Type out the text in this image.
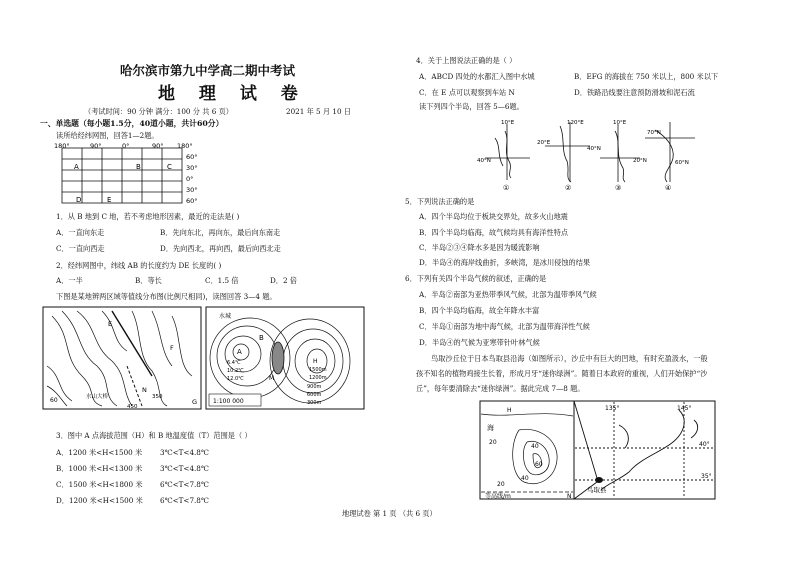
哈尔滨市第九中学高二期中考试
地 理 试 卷
（考试时间：90 分钟 满分：100 分 共 6 页）	2021 年 5 月 10 日
一、单选题（每小题1.5分，40道小题，共计60分）
读所给经纬网图，回答1—2题。
180°	90°	0°	90° 180°
60°
30°
0°
30°
60°
A	B	C
D	E
1．从 B 地到 C 地，若不考虑地形因素，最近的走法是( )
A．一直向东走	B．先向东北，再向东，最后向东南走
C．一直向西走	D．先向西北，再向西，最后向西北走
2．经纬网图中，纬线 AB 的长度约为 DE 长度的( )
A．一半	B．等长	C．1.5 倍	D．2 倍
下图是某地辨两区域等值线分布图(比例尺相同)，读图回答 3—4 题。
60	水山大桥
450
350
G
F
E
N
水城
A
B
M
H
6.4℃
10.2℃
12.0℃
1500m
1200m
900m
600m
300m
1:100 000
3．图中 A 点海拔范围（H）和 B 地温度值（T）范围是（ ）
A．1200 米<H<1500 米 3℃<T<4.8℃
B．1000 米<H<1300 米 3℃<T<4.8℃
C．1500 米<H<1800 米 6℃<T<7.8℃
D．1200 米<H<1500 米 6℃<T<7.8℃
4．关于上图说法正确的是（ ）
A．ABCD 四处的水都汇入图中水城	B．EFG 的海拔在 750 米以上，800 米以下
C．在 E 点可以观察到车站 N	D．铁路沿线要注意预防滑坡和泥石流
读下列四个半岛，回答 5—6题。
10°E
40°N
20°E
120°E
40°N
20°N
10°E
70°N
60°N
①	②	③	④
5．下列说法正确的是
A．四个半岛均位于板块交界处，故多火山地震
B．四个半岛均临海，故气候均具有海洋性特点
C．半岛②③④降水多是因为暖流影响
D．半岛④的海岸线曲折，多峡湾，是冰川侵蚀的结果
6．下列有关四个半岛气候的叙述，正确的是
A．半岛②南部为亚热带季风气候，北部为温带季风气候
B．四个半岛均临海，故全年降水丰富
C．半岛①南部为地中海气候，北部为温带海洋性气候
D．半岛④的气候为亚寒带针叶林气候
鸟取沙丘位于日本鸟取县沿海（如图所示），沙丘中有巨大的凹地，有时充盈汲水，一般
孩不知名的植物鸡接生长着，形成月牙“迷你绿洲”。随着日本政府的重视，人们开始保护“沙
丘”，每年要清除去“迷你绿洲”。据此完成 7—8 题。
H
海
20
40
60
40
20
等高线/m
135°	145°
40°
35°
鸟取县
N
地理试卷 第 1 页 （共 6 页）
